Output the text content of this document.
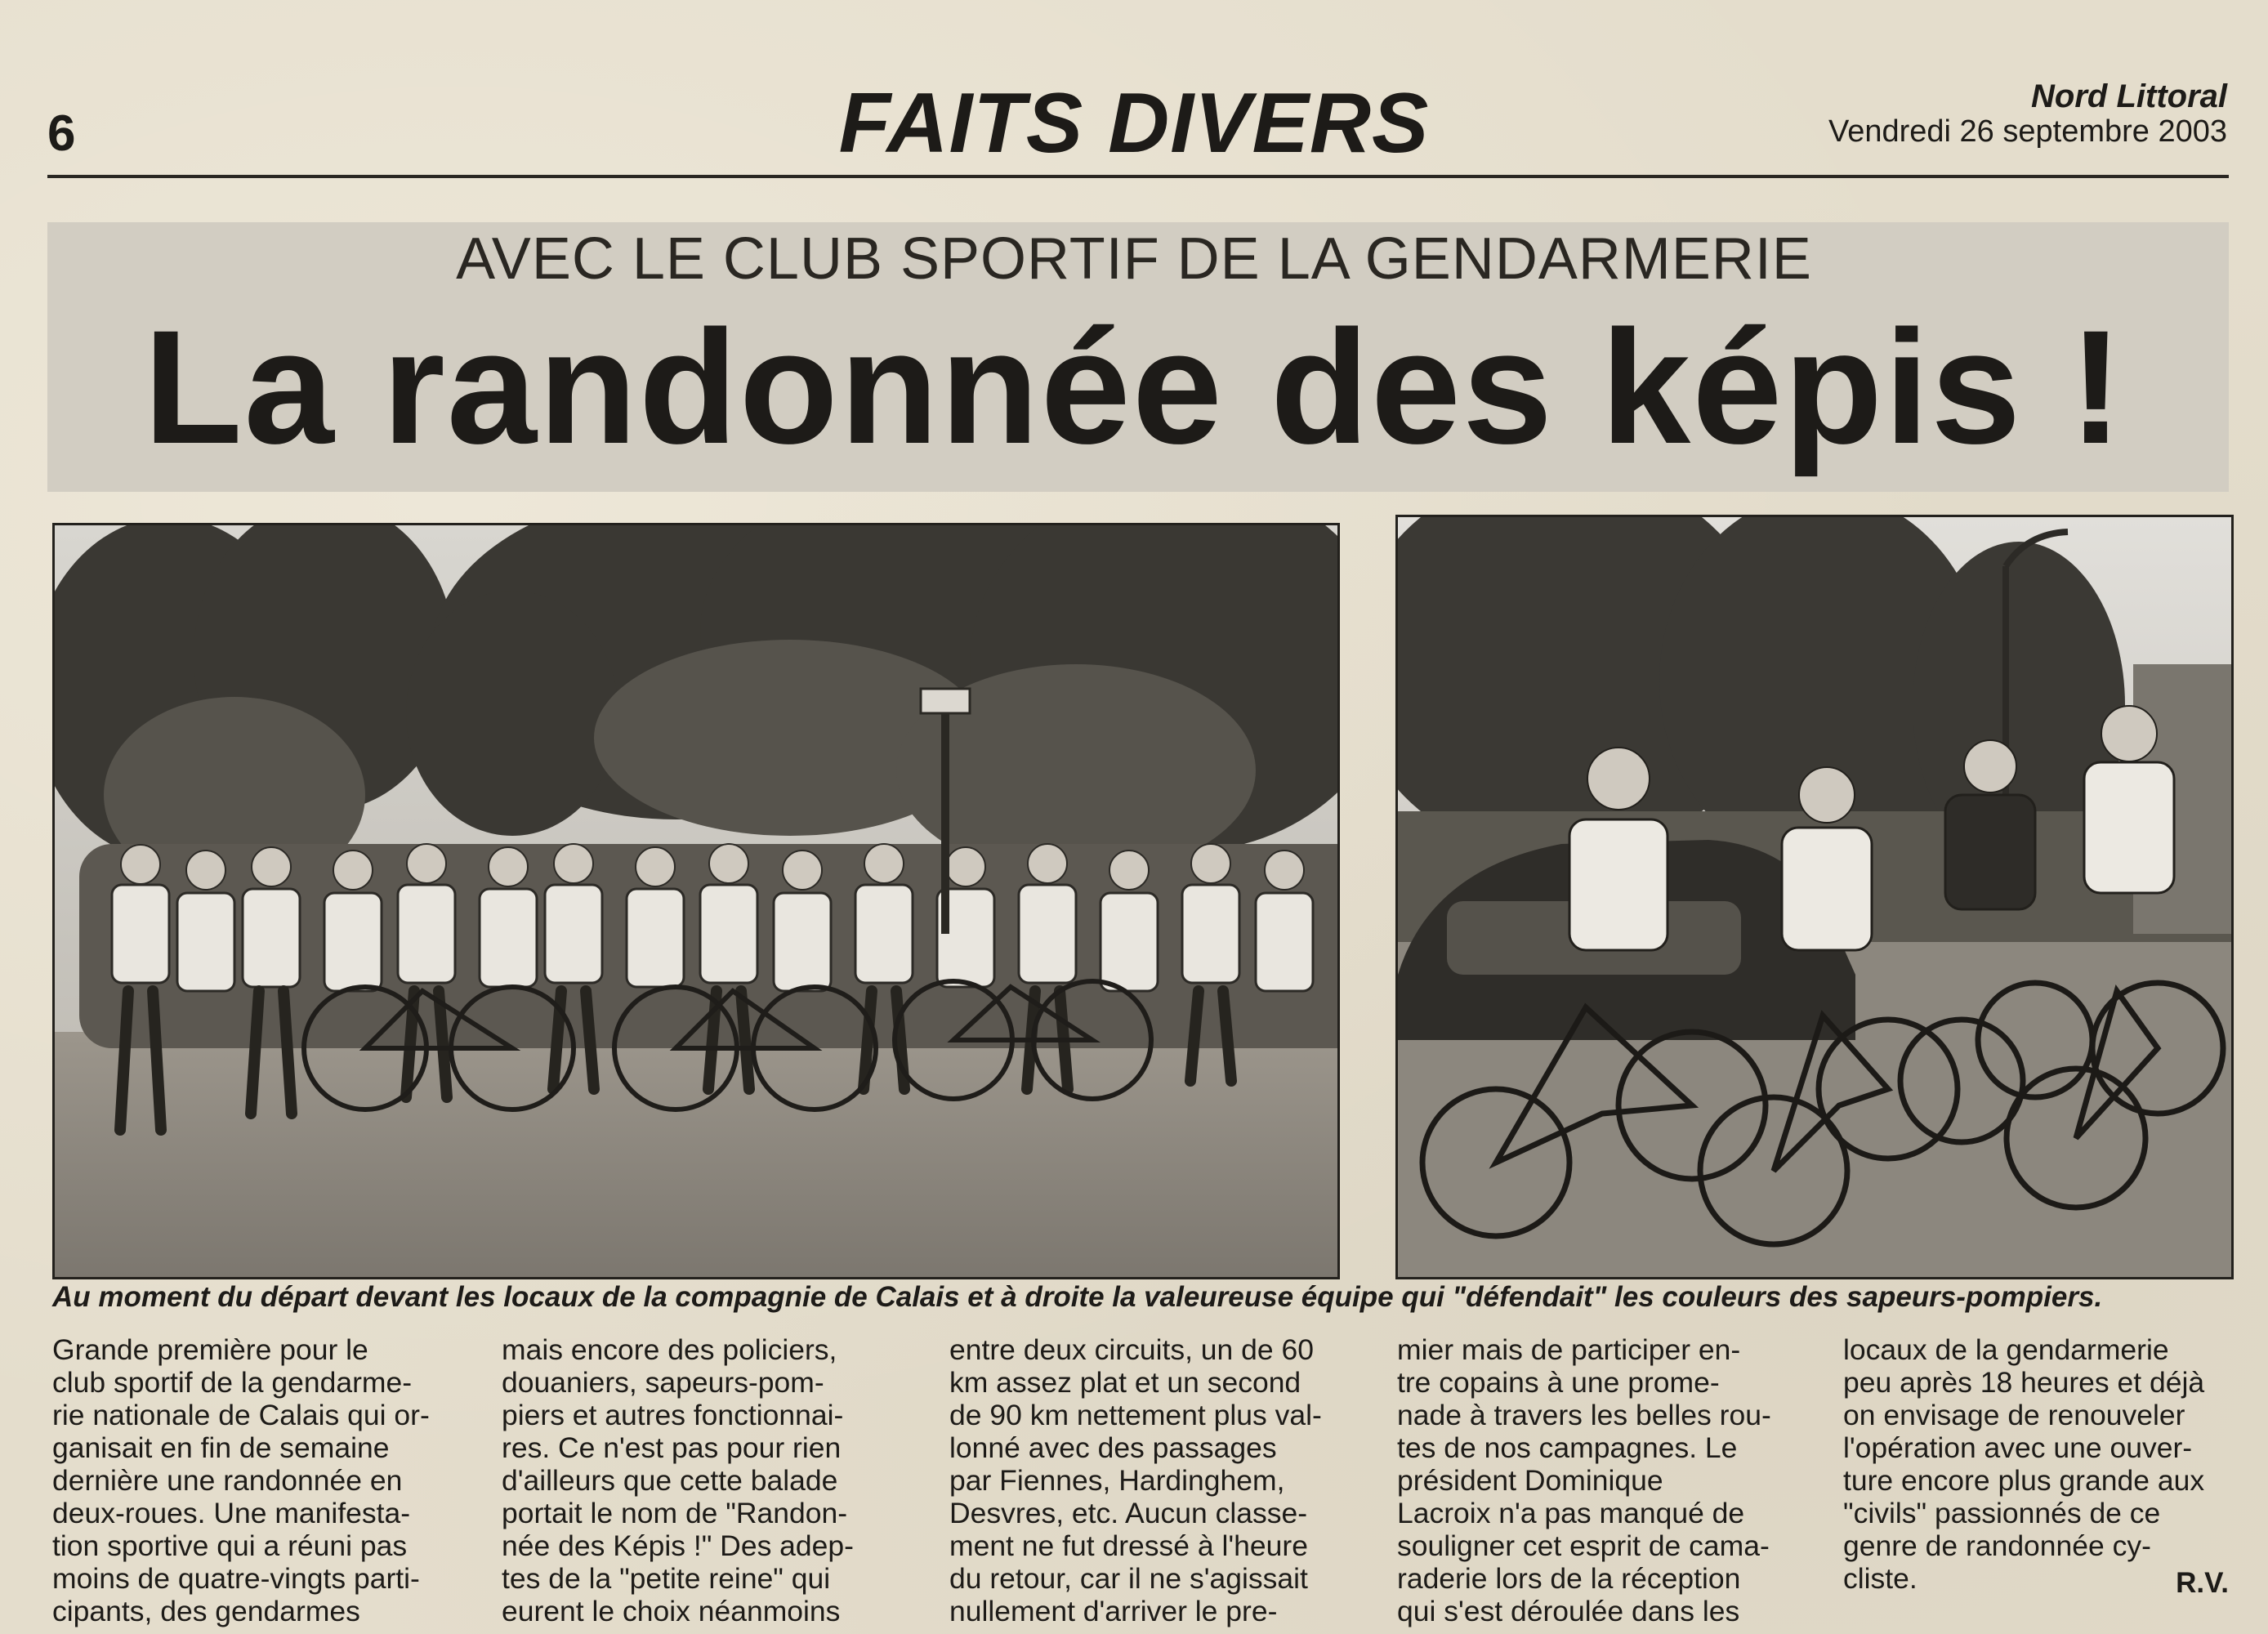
6	FAITS DIVERS	Nord Littoral
Vendredi 26 septembre 2003
AVEC LE CLUB SPORTIF DE LA GENDARMERIE
La randonnée des képis !
Au moment du départ devant les locaux de la compagnie de Calais et à droite la valeureuse équipe qui "défendait" les couleurs des sapeurs-pompiers.
Grande première pour le
club sportif de la gendarme-
rie nationale de Calais qui or-
ganisait en fin de semaine
dernière une randonnée en
deux-roues. Une manifesta-
tion sportive qui a réuni pas
moins de quatre-vingts parti-
cipants, des gendarmes
mais encore des policiers,
douaniers, sapeurs-pom-
piers et autres fonctionnai-
res. Ce n'est pas pour rien
d'ailleurs que cette balade
portait le nom de "Randon-
née des Képis !" Des adep-
tes de la "petite reine" qui
eurent le choix néanmoins
entre deux circuits, un de 60
km assez plat et un second
de 90 km nettement plus val-
lonné avec des passages
par Fiennes, Hardinghem,
Desvres, etc. Aucun classe-
ment ne fut dressé à l'heure
du retour, car il ne s'agissait
nullement d'arriver le pre-
mier mais de participer en-
tre copains à une prome-
nade à travers les belles rou-
tes de nos campagnes. Le
président Dominique
Lacroix n'a pas manqué de
souligner cet esprit de cama-
raderie lors de la réception
qui s'est déroulée dans les
locaux de la gendarmerie
peu après 18 heures et déjà
on envisage de renouveler
l'opération avec une ouver-
ture encore plus grande aux
"civils" passionnés de ce
genre de randonnée cy-
cliste.	R.V.
